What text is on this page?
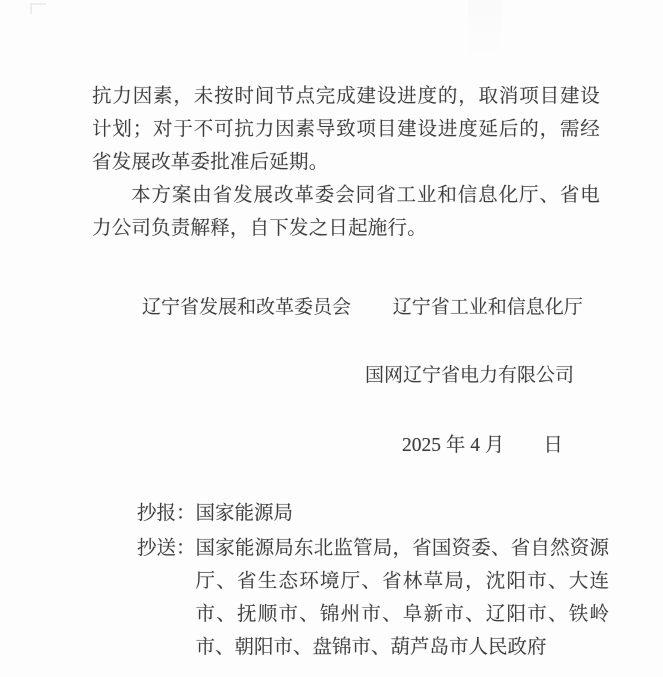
抗力因素，未按时间节点完成建设进度的，取消项目建设计划；对于不可抗力因素导致项目建设进度延后的，需经省发展改革委批准后延期。

本方案由省发展改革委会同省工业和信息化厅、省电力公司负责解释，自下发之日起施行。

辽宁省发展和改革委员会 辽宁省工业和信息化厅
国网辽宁省电力有限公司
2025 年 4 月　　日
抄报： 国家能源局
抄送： 国家能源局东北监管局，省国资委、省自然资源厅、省生态环境厅、省林草局，沈阳市、大连市、抚顺市、锦州市、阜新市、辽阳市、铁岭市、朝阳市、盘锦市、葫芦岛市人民政府
